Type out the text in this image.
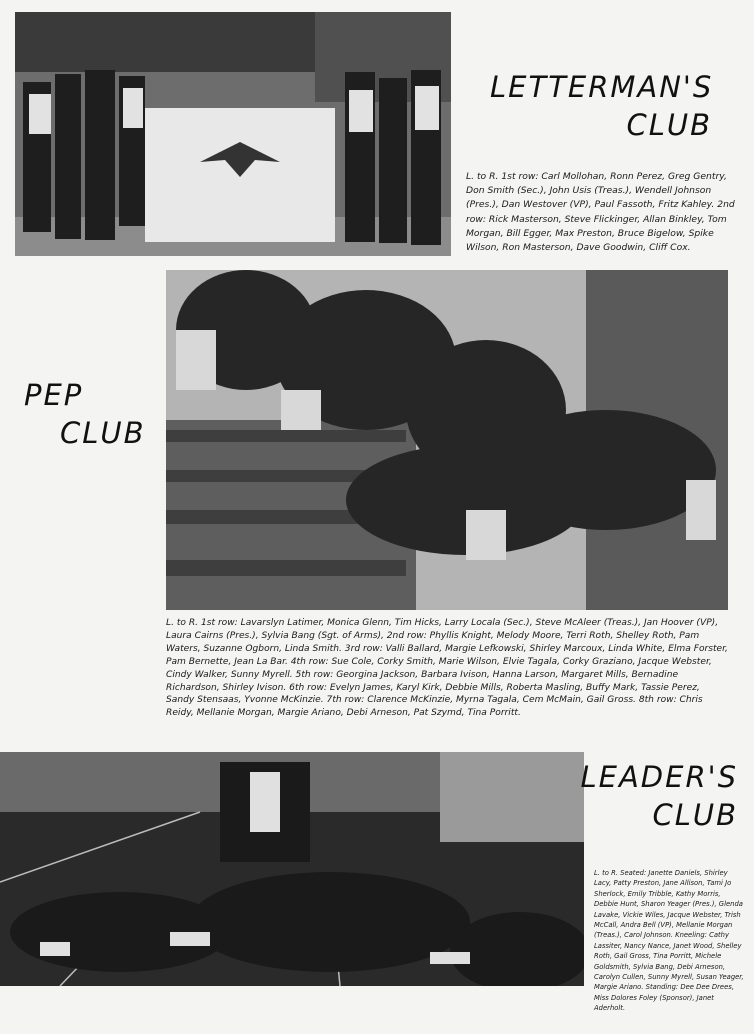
LETTERMAN'S
CLUB

L. to R. 1st row: Carl Mollohan, Ronn Perez, Greg Gentry, Don Smith (Sec.), John Usis (Treas.), Wendell Johnson (Pres.), Dan Westover (VP), Paul Fassoth, Fritz Kahley. 2nd row: Rick Masterson, Steve Flickinger, Allan Binkley, Tom Morgan, Bill Egger, Max Preston, Bruce Bigelow, Spike Wilson, Ron Masterson, Dave Goodwin, Cliff Cox.

PEP
CLUB

L. to R. 1st row: Lavarslyn Latimer, Monica Glenn, Tim Hicks, Larry Locala (Sec.), Steve McAleer (Treas.), Jan Hoover (VP), Laura Cairns (Pres.), Sylvia Bang (Sgt. of Arms), 2nd row: Phyllis Knight, Melody Moore, Terri Roth, Shelley Roth, Pam Waters, Suzanne Ogborn, Linda Smith. 3rd row: Valli Ballard, Margie Lefkowski, Shirley Marcoux, Linda White, Elma Forster, Pam Bernette, Jean La Bar. 4th row: Sue Cole, Corky Smith, Marie Wilson, Elvie Tagala, Corky Graziano, Jacque Webster, Cindy Walker, Sunny Myrell. 5th row: Georgina Jackson, Barbara Ivison, Hanna Larson, Margaret Mills, Bernadine Richardson, Shirley Ivison. 6th row: Evelyn James, Karyl Kirk, Debbie Mills, Roberta Masling, Buffy Mark, Tassie Perez, Sandy Stensaas, Yvonne McKinzie. 7th row: Clarence McKinzie, Myrna Tagala, Cem McMain, Gail Gross. 8th row: Chris Reidy, Mellanie Morgan, Margie Ariano, Debi Arneson, Pat Szymd, Tina Porritt.

LEADER'S
CLUB

L. to R. Seated: Janette Daniels, Shirley Lacy, Patty Preston, Jane Allison, Tami Jo Sherlock, Emily Tribble, Kathy Morris, Debbie Hunt, Sharon Yeager (Pres.), Glenda Lavake, Vickie Wiles, Jacque Webster, Trish McCall, Andra Bell (VP), Mellanie Morgan (Treas.), Carol Johnson. Kneeling: Cathy Lassiter, Nancy Nance, Janet Wood, Shelley Roth, Gail Gross, Tina Porritt, Michele Goldsmith, Sylvia Bang, Debi Arneson, Carolyn Cullen, Sunny Myrell, Susan Yeager, Margie Ariano. Standing: Dee Dee Drees, Miss Dolores Foley (Sponsor), Janet Aderholt.
